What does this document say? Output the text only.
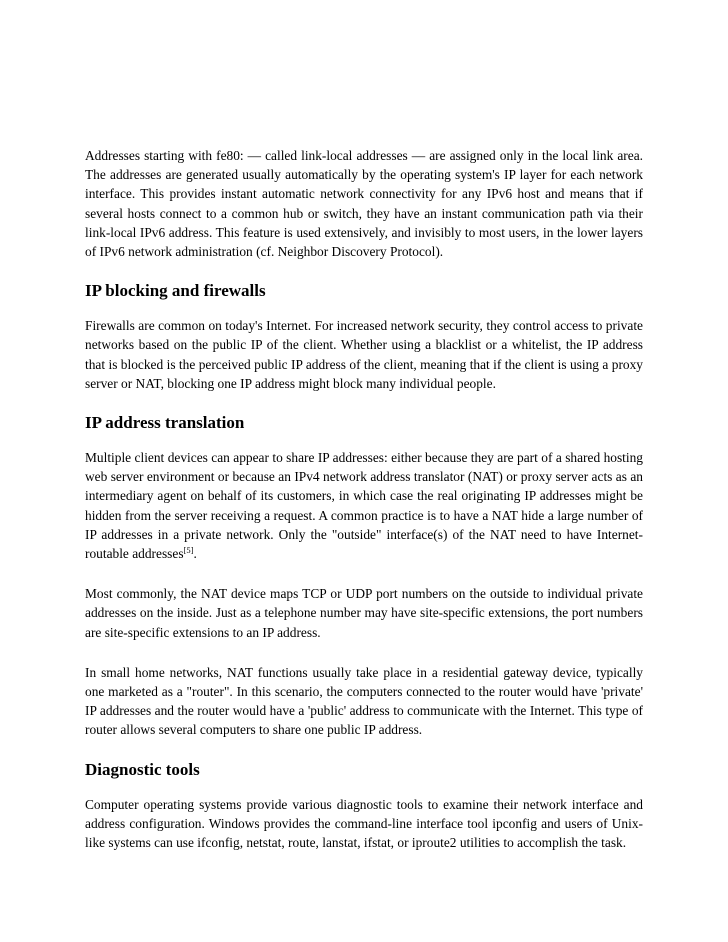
Addresses starting with fe80: — called link-local addresses — are assigned only in the local link area. The addresses are generated usually automatically by the operating system's IP layer for each network interface. This provides instant automatic network connectivity for any IPv6 host and means that if several hosts connect to a common hub or switch, they have an instant communication path via their link-local IPv6 address. This feature is used extensively, and invisibly to most users, in the lower layers of IPv6 network administration (cf. Neighbor Discovery Protocol).

IP blocking and firewalls

Firewalls are common on today's Internet. For increased network security, they control access to private networks based on the public IP of the client. Whether using a blacklist or a whitelist, the IP address that is blocked is the perceived public IP address of the client, meaning that if the client is using a proxy server or NAT, blocking one IP address might block many individual people.

IP address translation

Multiple client devices can appear to share IP addresses: either because they are part of a shared hosting web server environment or because an IPv4 network address translator (NAT) or proxy server acts as an intermediary agent on behalf of its customers, in which case the real originating IP addresses might be hidden from the server receiving a request. A common practice is to have a NAT hide a large number of IP addresses in a private network. Only the "outside" interface(s) of the NAT need to have Internet-routable addresses[5].

Most commonly, the NAT device maps TCP or UDP port numbers on the outside to individual private addresses on the inside. Just as a telephone number may have site-specific extensions, the port numbers are site-specific extensions to an IP address.

In small home networks, NAT functions usually take place in a residential gateway device, typically one marketed as a "router". In this scenario, the computers connected to the router would have 'private' IP addresses and the router would have a 'public' address to communicate with the Internet. This type of router allows several computers to share one public IP address.

Diagnostic tools

Computer operating systems provide various diagnostic tools to examine their network interface and address configuration. Windows provides the command-line interface tool ipconfig and users of Unix-like systems can use ifconfig, netstat, route, lanstat, ifstat, or iproute2 utilities to accomplish the task.
